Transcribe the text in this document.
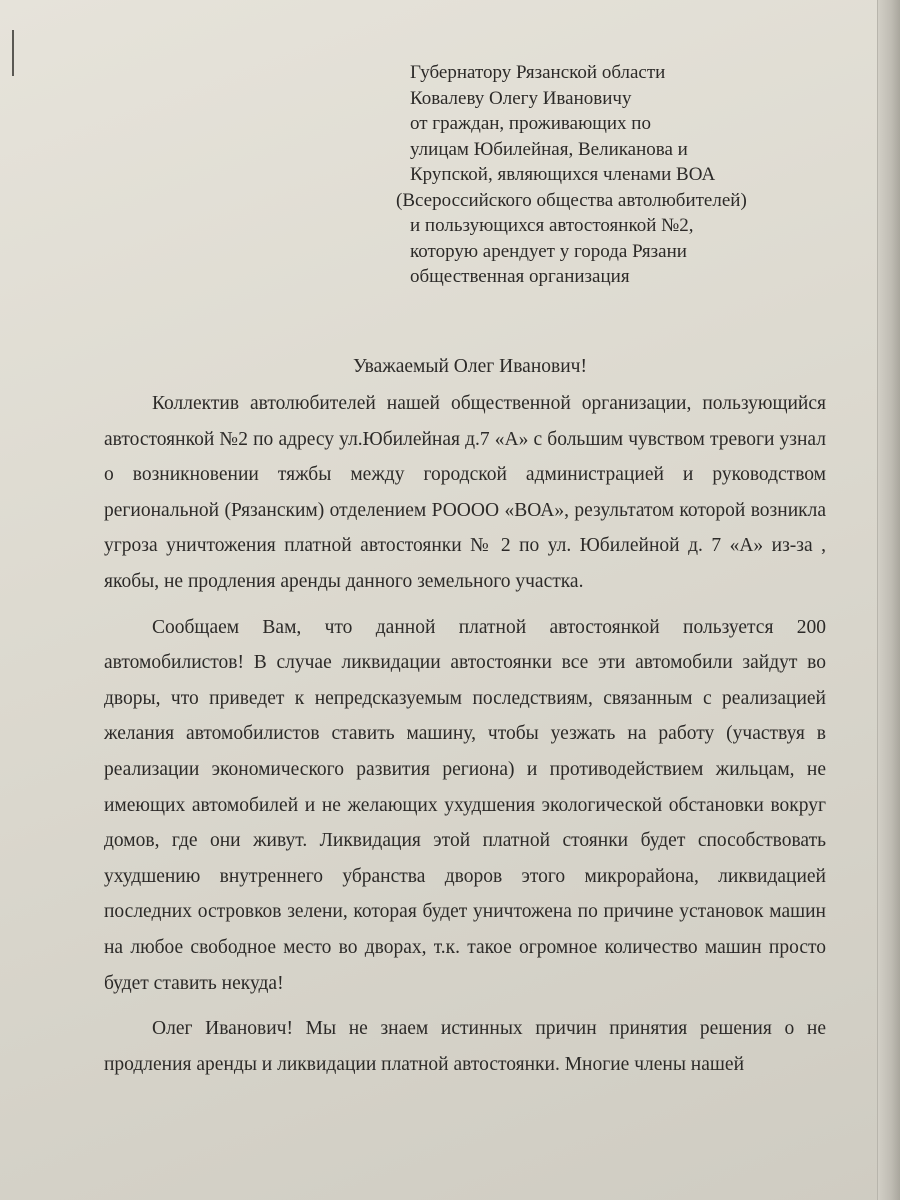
Губернатору Рязанской области
Ковалеву Олегу Ивановичу
от граждан, проживающих по
улицам Юбилейная, Великанова и
Крупской, являющихся членами ВОА
(Всероссийского общества автолюбителей)
и пользующихся автостоянкой №2,
которую арендует у города Рязани
общественная организация
Уважаемый Олег Иванович!

Коллектив автолюбителей нашей общественной организации, пользующийся автостоянкой №2 по адресу ул.Юбилейная д.7 «А» с большим чувством тревоги узнал о возникновении тяжбы между городской администрацией и руководством региональной (Рязанским) отделением РОООО «ВОА», результатом которой возникла угроза уничтожения платной автостоянки № 2 по ул. Юбилейной д. 7 «А» из-за , якобы, не продления аренды данного земельного участка.

Сообщаем Вам, что данной платной автостоянкой пользуется 200 автомобилистов! В случае ликвидации автостоянки все эти автомобили зайдут во дворы, что приведет к непредсказуемым последствиям, связанным с реализацией желания автомобилистов ставить машину, чтобы уезжать на работу (участвуя в реализации экономического развития региона) и противодействием жильцам, не имеющих автомобилей и не желающих ухудшения экологической обстановки вокруг домов, где они живут. Ликвидация этой платной стоянки будет способствовать ухудшению внутреннего убранства дворов этого микрорайона, ликвидацией последних островков зелени, которая будет уничтожена по причине установок машин на любое свободное место во дворах, т.к. такое огромное количество машин просто будет ставить некуда!

Олег Иванович! Мы не знаем истинных причин принятия решения о не продления аренды и ликвидации платной автостоянки. Многие члены нашей
